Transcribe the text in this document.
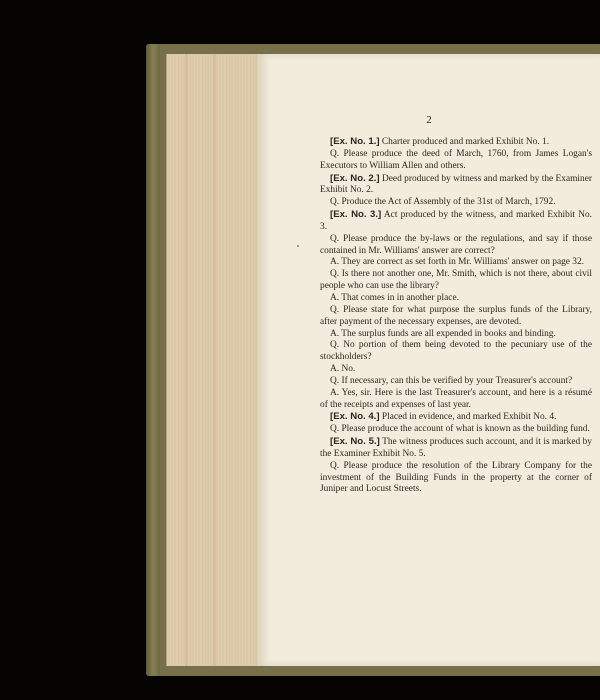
2

[Ex. No. 1.] Charter produced and marked Exhibit No. 1.

Q. Please produce the deed of March, 1760, from James Logan's Executors to William Allen and others.

[Ex. No. 2.] Deed produced by witness and marked by the Examiner Exhibit No. 2.

Q. Produce the Act of Assembly of the 31st of March, 1792.

[Ex. No. 3.] Act produced by the witness, and marked Exhibit No. 3.

Q. Please produce the by-laws or the regulations, and say if those contained in Mr. Williams' answer are correct?

A. They are correct as set forth in Mr. Williams' answer on page 32.

Q. Is there not another one, Mr. Smith, which is not there, about civil people who can use the library?

A. That comes in in another place.

Q. Please state for what purpose the surplus funds of the Library, after payment of the necessary expenses, are devoted.

A. The surplus funds are all expended in books and binding.

Q. No portion of them being devoted to the pecuniary use of the stockholders?

A. No.

Q. If necessary, can this be verified by your Treasurer's account?

A. Yes, sir. Here is the last Treasurer's account, and here is a résumé of the receipts and expenses of last year.

[Ex. No. 4.] Placed in evidence, and marked Exhibit No. 4.

Q. Please produce the account of what is known as the building fund.

[Ex. No. 5.] The witness produces such account, and it is marked by the Examiner Exhibit No. 5.

Q. Please produce the resolution of the Library Company for the investment of the Building Funds in the property at the corner of Juniper and Locust Streets.
